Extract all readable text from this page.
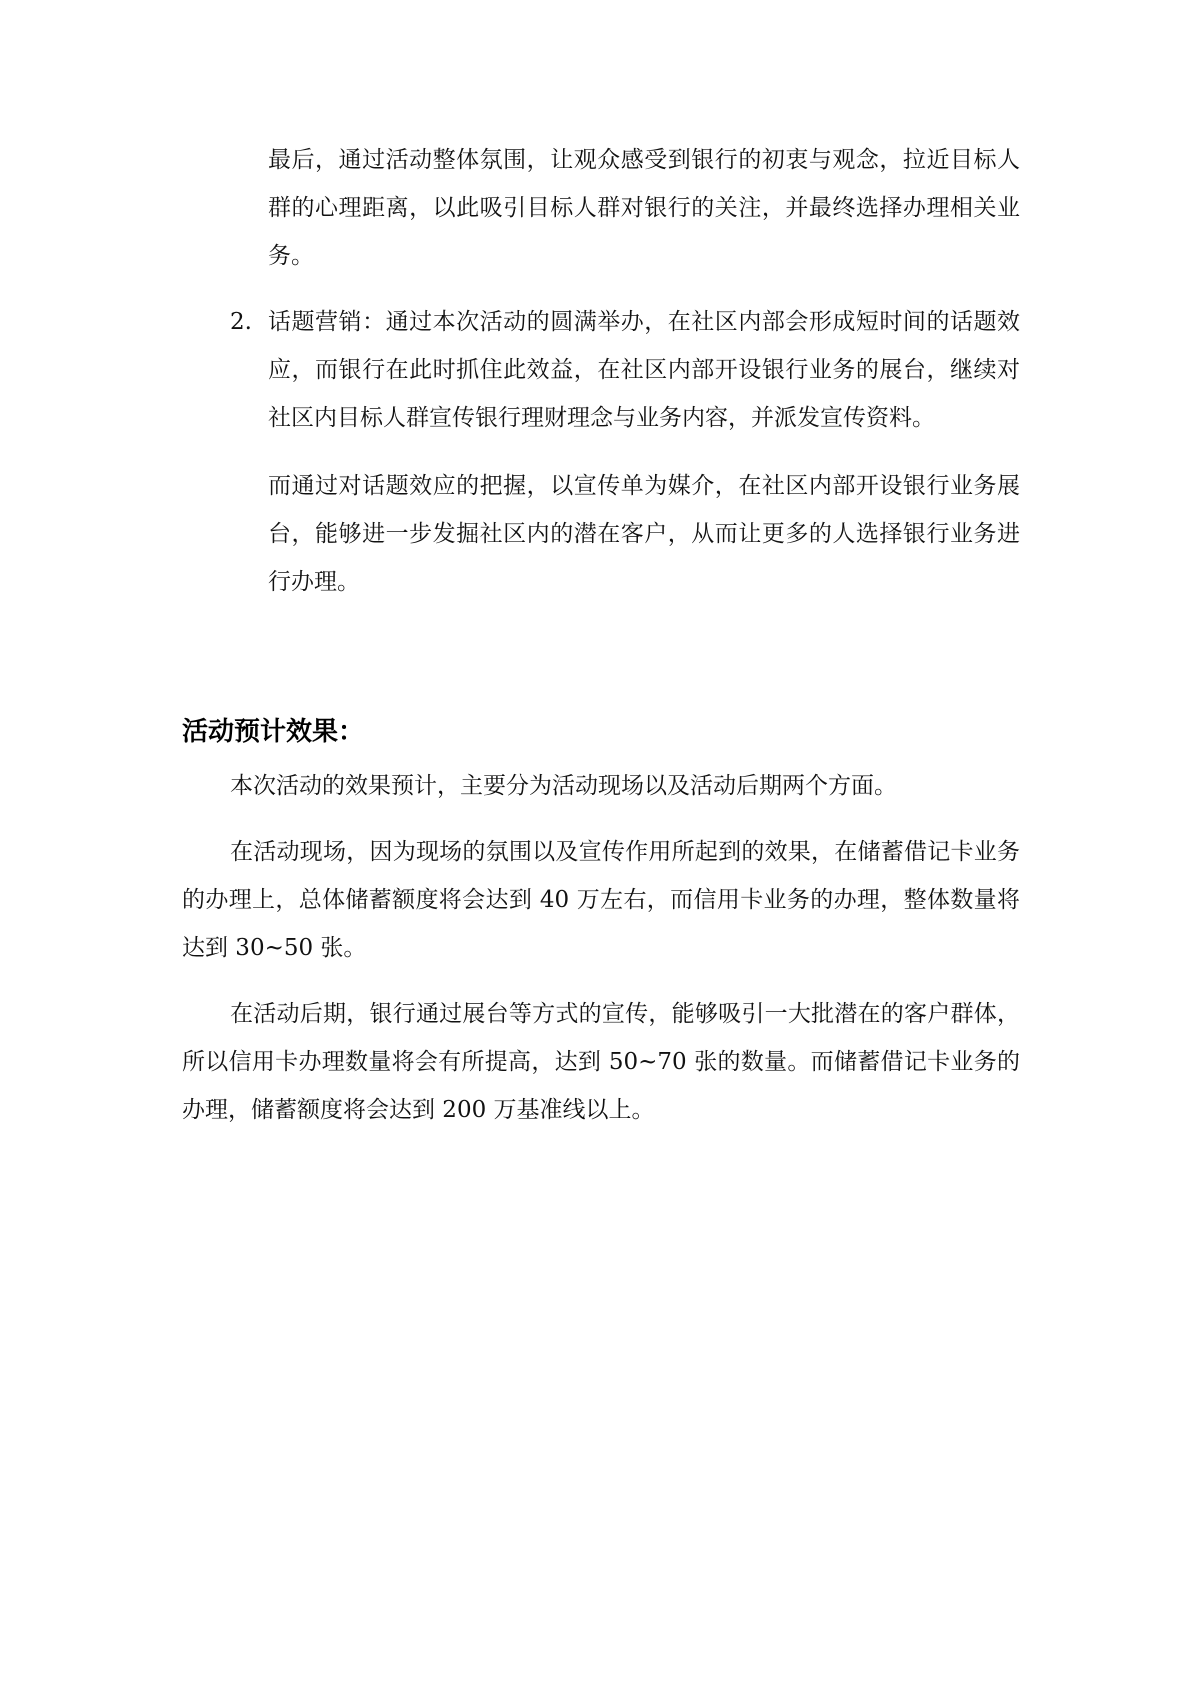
最后，通过活动整体氛围，让观众感受到银行的初衷与观念，拉近目标人群的心理距离，以此吸引目标人群对银行的关注，并最终选择办理相关业务。
2. 话题营销：通过本次活动的圆满举办，在社区内部会形成短时间的话题效应，而银行在此时抓住此效益，在社区内部开设银行业务的展台，继续对社区内目标人群宣传银行理财理念与业务内容，并派发宣传资料。
而通过对话题效应的把握，以宣传单为媒介，在社区内部开设银行业务展台，能够进一步发掘社区内的潜在客户，从而让更多的人选择银行业务进行办理。
活动预计效果：
本次活动的效果预计，主要分为活动现场以及活动后期两个方面。
在活动现场，因为现场的氛围以及宣传作用所起到的效果，在储蓄借记卡业务的办理上，总体储蓄额度将会达到 40 万左右，而信用卡业务的办理，整体数量将达到 30~50 张。
在活动后期，银行通过展台等方式的宣传，能够吸引一大批潜在的客户群体，所以信用卡办理数量将会有所提高，达到 50~70 张的数量。而储蓄借记卡业务的办理，储蓄额度将会达到 200 万基准线以上。
